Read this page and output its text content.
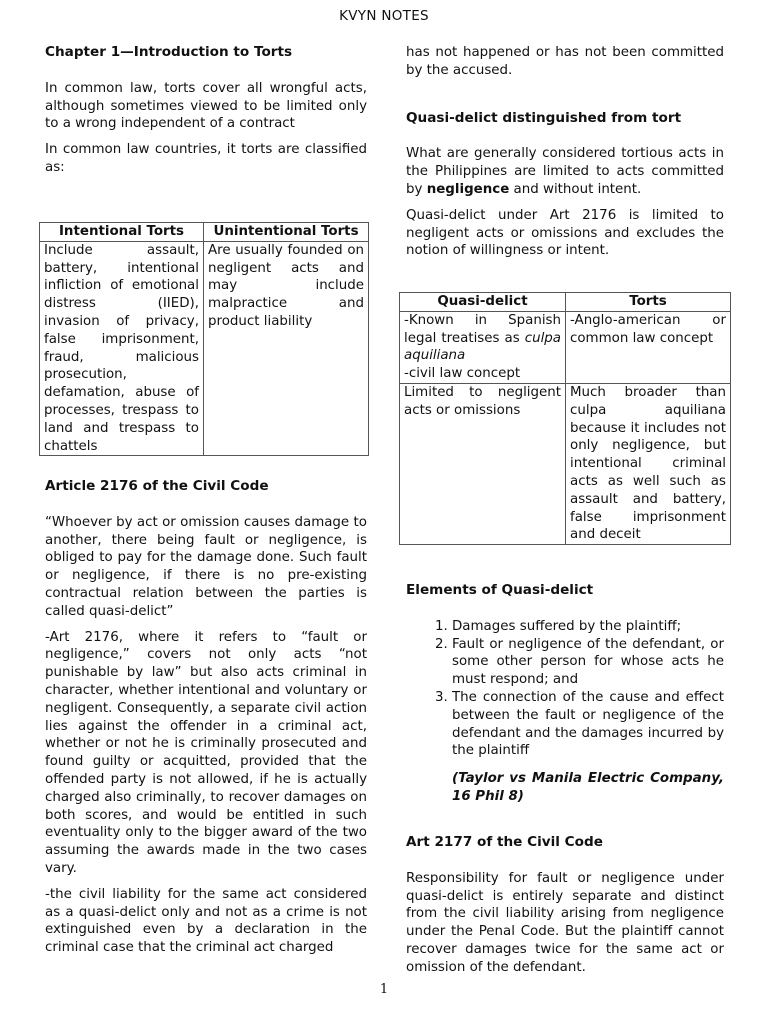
KVYN NOTES
Chapter 1—Introduction to Torts

In common law, torts cover all wrongful acts, although sometimes viewed to be limited only to a wrong independent of a contract

In common law countries, it torts are classified as:

Intentional Torts	Unintentional Torts
Include assault, battery, intentional infliction of emotional distress (IIED), invasion of privacy, false imprisonment, fraud, malicious prosecution, defamation, abuse of processes, trespass to land and trespass to chattels	Are usually founded on negligent acts and may include malpractice and product liability
Article 2176 of the Civil Code

“Whoever by act or omission causes damage to another, there being fault or negligence, is obliged to pay for the damage done. Such fault or negligence, if there is no pre-existing contractual relation between the parties is called quasi-delict”

-Art 2176, where it refers to “fault or negligence,” covers not only acts “not punishable by law” but also acts criminal in character, whether intentional and voluntary or negligent. Consequently, a separate civil action lies against the offender in a criminal act, whether or not he is criminally prosecuted and found guilty or acquitted, provided that the offended party is not allowed, if he is actually charged also criminally, to recover damages on both scores, and would be entitled in such eventuality only to the bigger award of the two assuming the awards made in the two cases vary.

-the civil liability for the same act considered as a quasi-delict only and not as a crime is not extinguished even by a declaration in the criminal case that the criminal act charged

has not happened or has not been committed by the accused.

Quasi-delict distinguished from tort

What are generally considered tortious acts in the Philippines are limited to acts committed by negligence and without intent.

Quasi-delict under Art 2176 is limited to negligent acts or omissions and excludes the notion of willingness or intent.

Quasi-delict	Torts
-Known in Spanish legal treatises as culpa aquiliana
-civil law concept	-Anglo-american or common law concept
Limited to negligent acts or omissions	Much broader than culpa aquiliana because it includes not only negligence, but intentional criminal acts as well such as assault and battery, false imprisonment and deceit
Elements of Quasi-delict
1. Damages suffered by the plaintiff;
2. Fault or negligence of the defendant, or some other person for whose acts he must respond; and
3. The connection of the cause and effect between the fault or negligence of the defendant and the damages incurred by the plaintiff

(Taylor vs Manila Electric Company, 16 Phil 8)

Art 2177 of the Civil Code

Responsibility for fault or negligence under quasi-delict is entirely separate and distinct from the civil liability arising from negligence under the Penal Code. But the plaintiff cannot recover damages twice for the same act or omission of the defendant.

1
